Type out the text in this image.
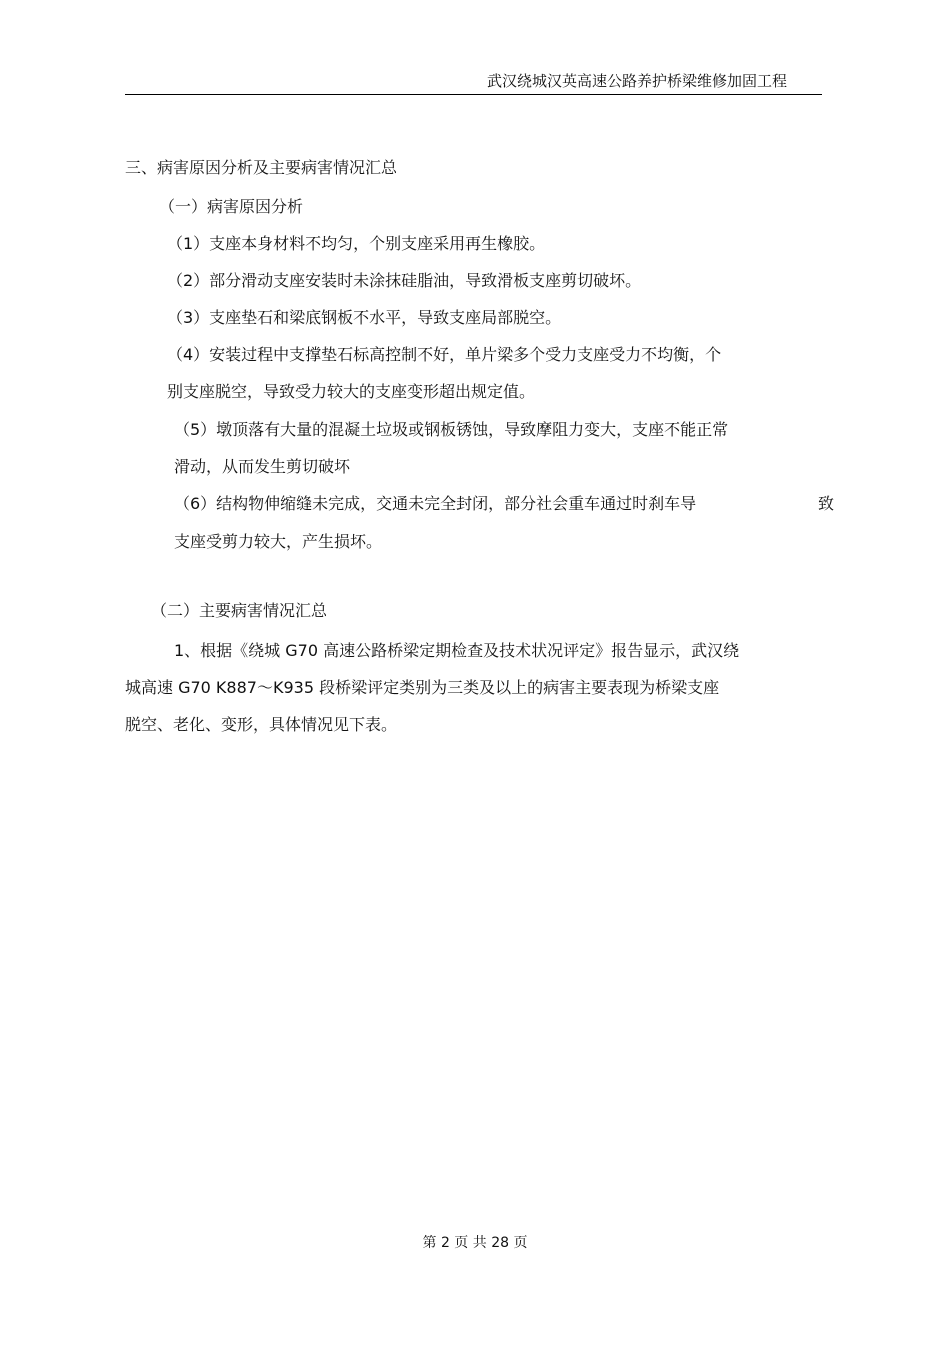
武汉绕城汉英高速公路养护桥梁维修加固工程
三、病害原因分析及主要病害情况汇总
（一）病害原因分析
（1）支座本身材料不均匀，个别支座采用再生橡胶。
（2）部分滑动支座安装时未涂抹硅脂油，导致滑板支座剪切破坏。
（3）支座垫石和梁底钢板不水平，导致支座局部脱空。
（4）安装过程中支撑垫石标高控制不好，单片梁多个受力支座受力不均衡，个
别支座脱空，导致受力较大的支座变形超出规定值。
（5）墩顶落有大量的混凝土垃圾或钢板锈蚀，导致摩阻力变大，支座不能正常
滑动，从而发生剪切破坏
（6）结构物伸缩缝未完成，交通未完全封闭，部分社会重车通过时刹车导	致
支座受剪力较大，产生损坏。
（二）主要病害情况汇总
1、根据《绕城 G70 高速公路桥梁定期检查及技术状况评定》报告显示，武汉绕
城高速 G70 K887～K935 段桥梁评定类别为三类及以上的病害主要表现为桥梁支座
脱空、老化、变形，具体情况见下表。
第 2 页 共 28 页
